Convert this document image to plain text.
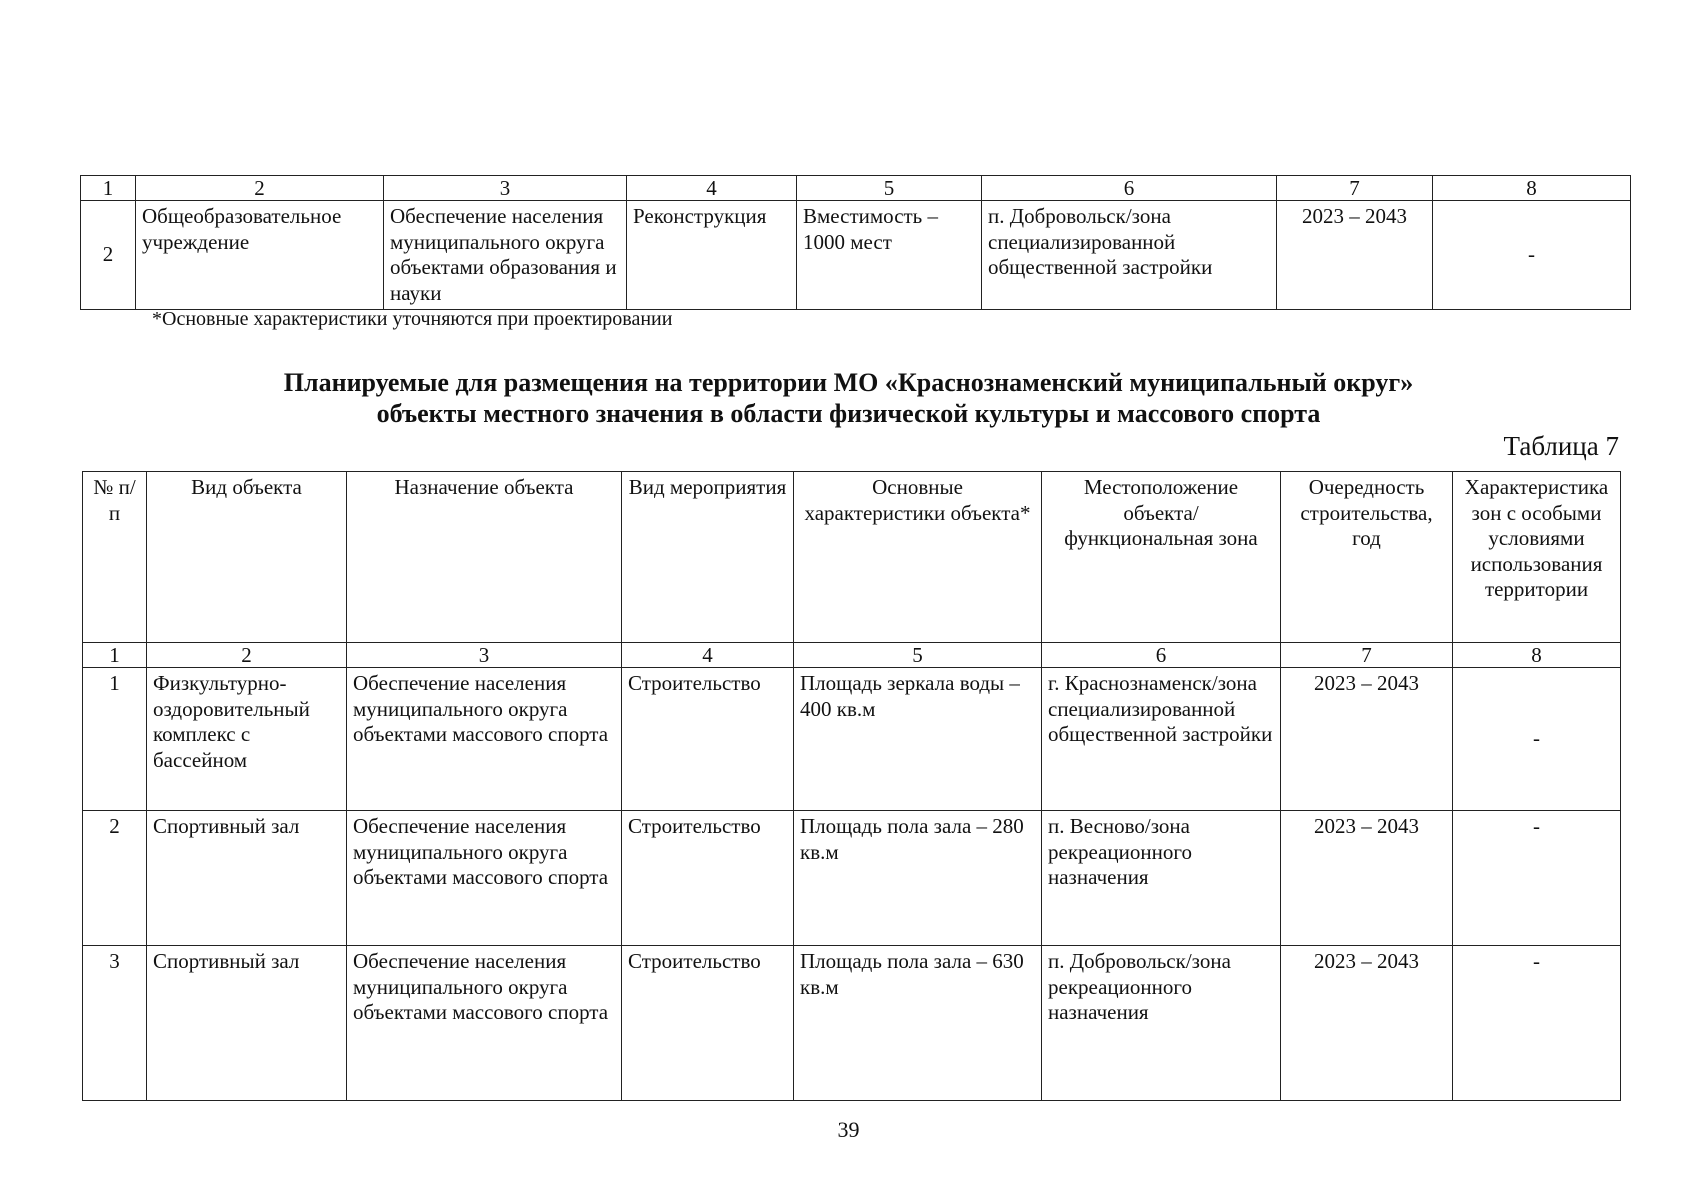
1	2	3	4	5	6	7	8
2	Общеобразовательное учреждение	Обеспечение населения муниципального округа объектами образования и науки	Реконструкция	Вместимость – 1000 мест	п. Добровольск/зона специализированной общественной застройки	2023 – 2043	-
*Основные характеристики уточняются при проектировании
Планируемые для размещения на территории МО «Краснознаменский муниципальный округ»
объекты местного значения в области физической культуры и массового спорта
Таблица 7
№ п/п	Вид объекта	Назначение объекта	Вид мероприятия	Основные характеристики объекта*	Местоположение объекта/ функциональная зона	Очередность строительства, год	Характеристика зон с особыми условиями использования территории
1	2	3	4	5	6	7	8
1	Физкультурно-оздоровительный комплекс с бассейном	Обеспечение населения муниципального округа объектами массового спорта	Строительство	Площадь зеркала воды – 400 кв.м	г. Краснознаменск/зона специализированной общественной застройки	2023 – 2043	-
2	Спортивный зал	Обеспечение населения муниципального округа объектами массового спорта	Строительство	Площадь пола зала – 280 кв.м	п. Весново/зона рекреационного назначения	2023 – 2043	-
3	Спортивный зал	Обеспечение населения муниципального округа объектами массового спорта	Строительство	Площадь пола зала – 630 кв.м	п. Добровольск/зона рекреационного назначения	2023 – 2043	-
39
